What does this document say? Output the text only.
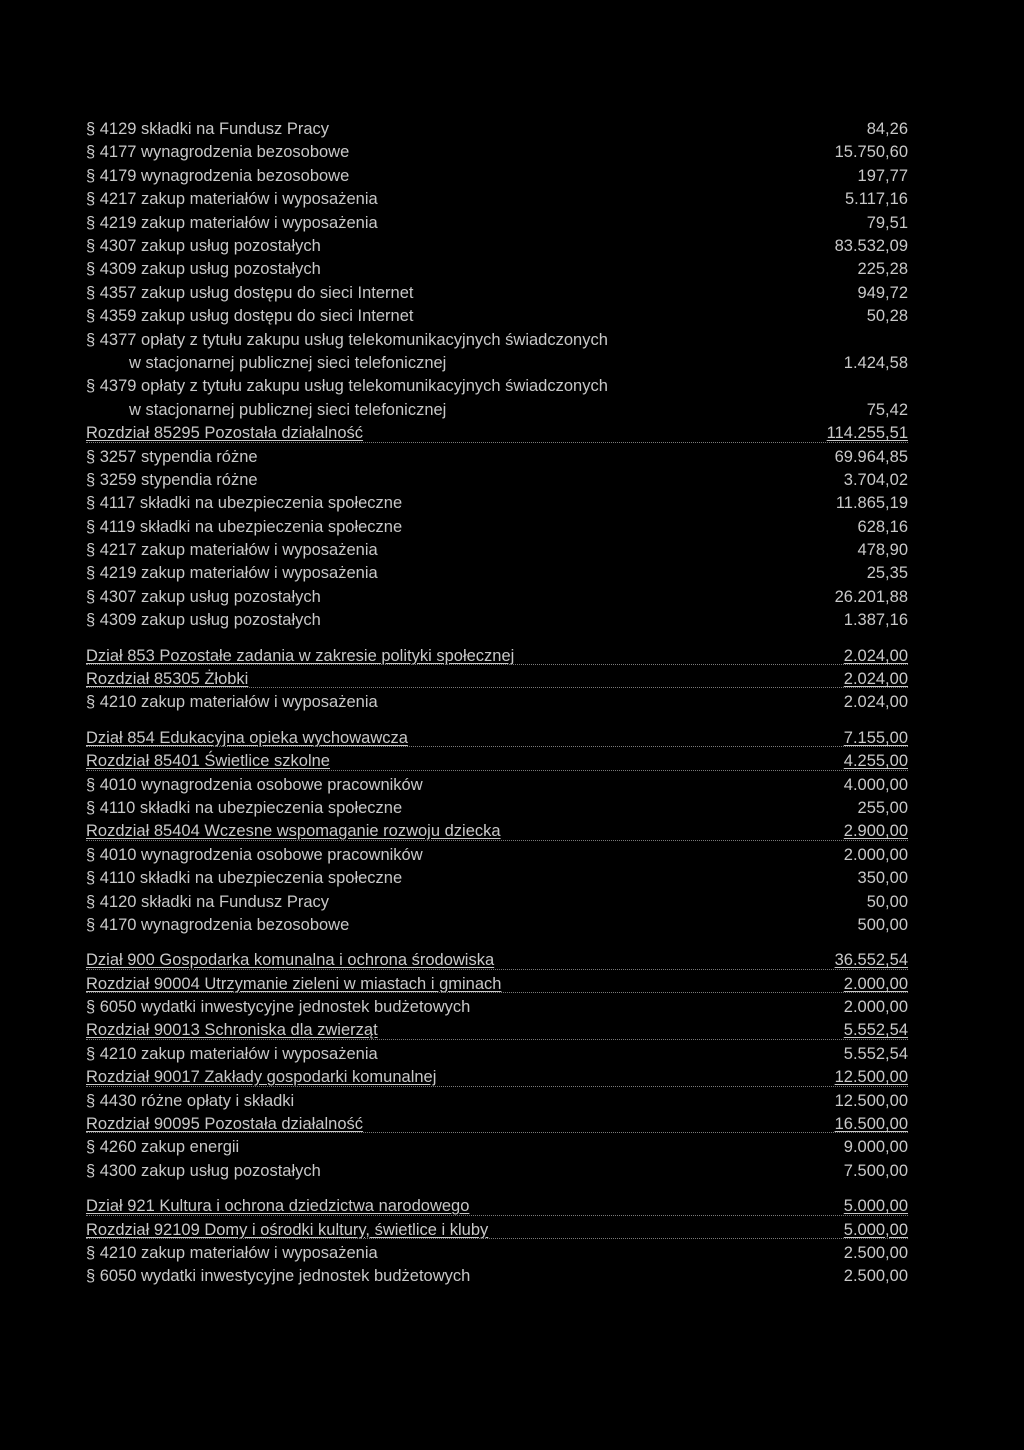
§ 4129 składki na Fundusz Pracy	84,26
§ 4177 wynagrodzenia bezosobowe	15.750,60
§ 4179 wynagrodzenia bezosobowe	197,77
§ 4217 zakup materiałów i wyposażenia	5.117,16
§ 4219 zakup materiałów i wyposażenia	79,51
§ 4307 zakup usług pozostałych	83.532,09
§ 4309 zakup usług pozostałych	225,28
§ 4357 zakup usług dostępu do sieci Internet	949,72
§ 4359 zakup usług dostępu do sieci Internet	50,28
§ 4377 opłaty z tytułu zakupu usług telekomunikacyjnych świadczonych
w stacjonarnej publicznej sieci telefonicznej	1.424,58
§ 4379 opłaty z tytułu zakupu usług telekomunikacyjnych świadczonych
w stacjonarnej publicznej sieci telefonicznej	75,42
Rozdział 85295 Pozostała działalność	114.255,51
§ 3257 stypendia różne	69.964,85
§ 3259 stypendia różne	3.704,02
§ 4117 składki na ubezpieczenia społeczne	11.865,19
§ 4119 składki na ubezpieczenia społeczne	628,16
§ 4217 zakup materiałów i wyposażenia	478,90
§ 4219 zakup materiałów i wyposażenia	25,35
§ 4307 zakup usług pozostałych	26.201,88
§ 4309 zakup usług pozostałych	1.387,16
Dział 853 Pozostałe zadania w zakresie polityki społecznej	2.024,00
Rozdział 85305 Żłobki	2.024,00
§ 4210 zakup materiałów i wyposażenia	2.024,00
Dział 854 Edukacyjna opieka wychowawcza	7.155,00
Rozdział 85401 Świetlice szkolne	4.255,00
§ 4010 wynagrodzenia osobowe pracowników	4.000,00
§ 4110 składki na ubezpieczenia społeczne	255,00
Rozdział 85404 Wczesne wspomaganie rozwoju dziecka	2.900,00
§ 4010 wynagrodzenia osobowe pracowników	2.000,00
§ 4110 składki na ubezpieczenia społeczne	350,00
§ 4120 składki na Fundusz Pracy	50,00
§ 4170 wynagrodzenia bezosobowe	500,00
Dział 900 Gospodarka komunalna i ochrona środowiska	36.552,54
Rozdział 90004 Utrzymanie zieleni w miastach i gminach	2.000,00
§ 6050 wydatki inwestycyjne jednostek budżetowych	2.000,00
Rozdział 90013 Schroniska dla zwierząt	5.552,54
§ 4210 zakup materiałów i wyposażenia	5.552,54
Rozdział 90017 Zakłady gospodarki komunalnej	12.500,00
§ 4430 różne opłaty i składki	12.500,00
Rozdział 90095 Pozostała działalność	16.500,00
§ 4260 zakup energii	9.000,00
§ 4300 zakup usług pozostałych	7.500,00
Dział 921 Kultura i ochrona dziedzictwa narodowego	5.000,00
Rozdział 92109 Domy i ośrodki kultury, świetlice i kluby	5.000,00
§ 4210 zakup materiałów i wyposażenia	2.500,00
§ 6050 wydatki inwestycyjne jednostek budżetowych	2.500,00
